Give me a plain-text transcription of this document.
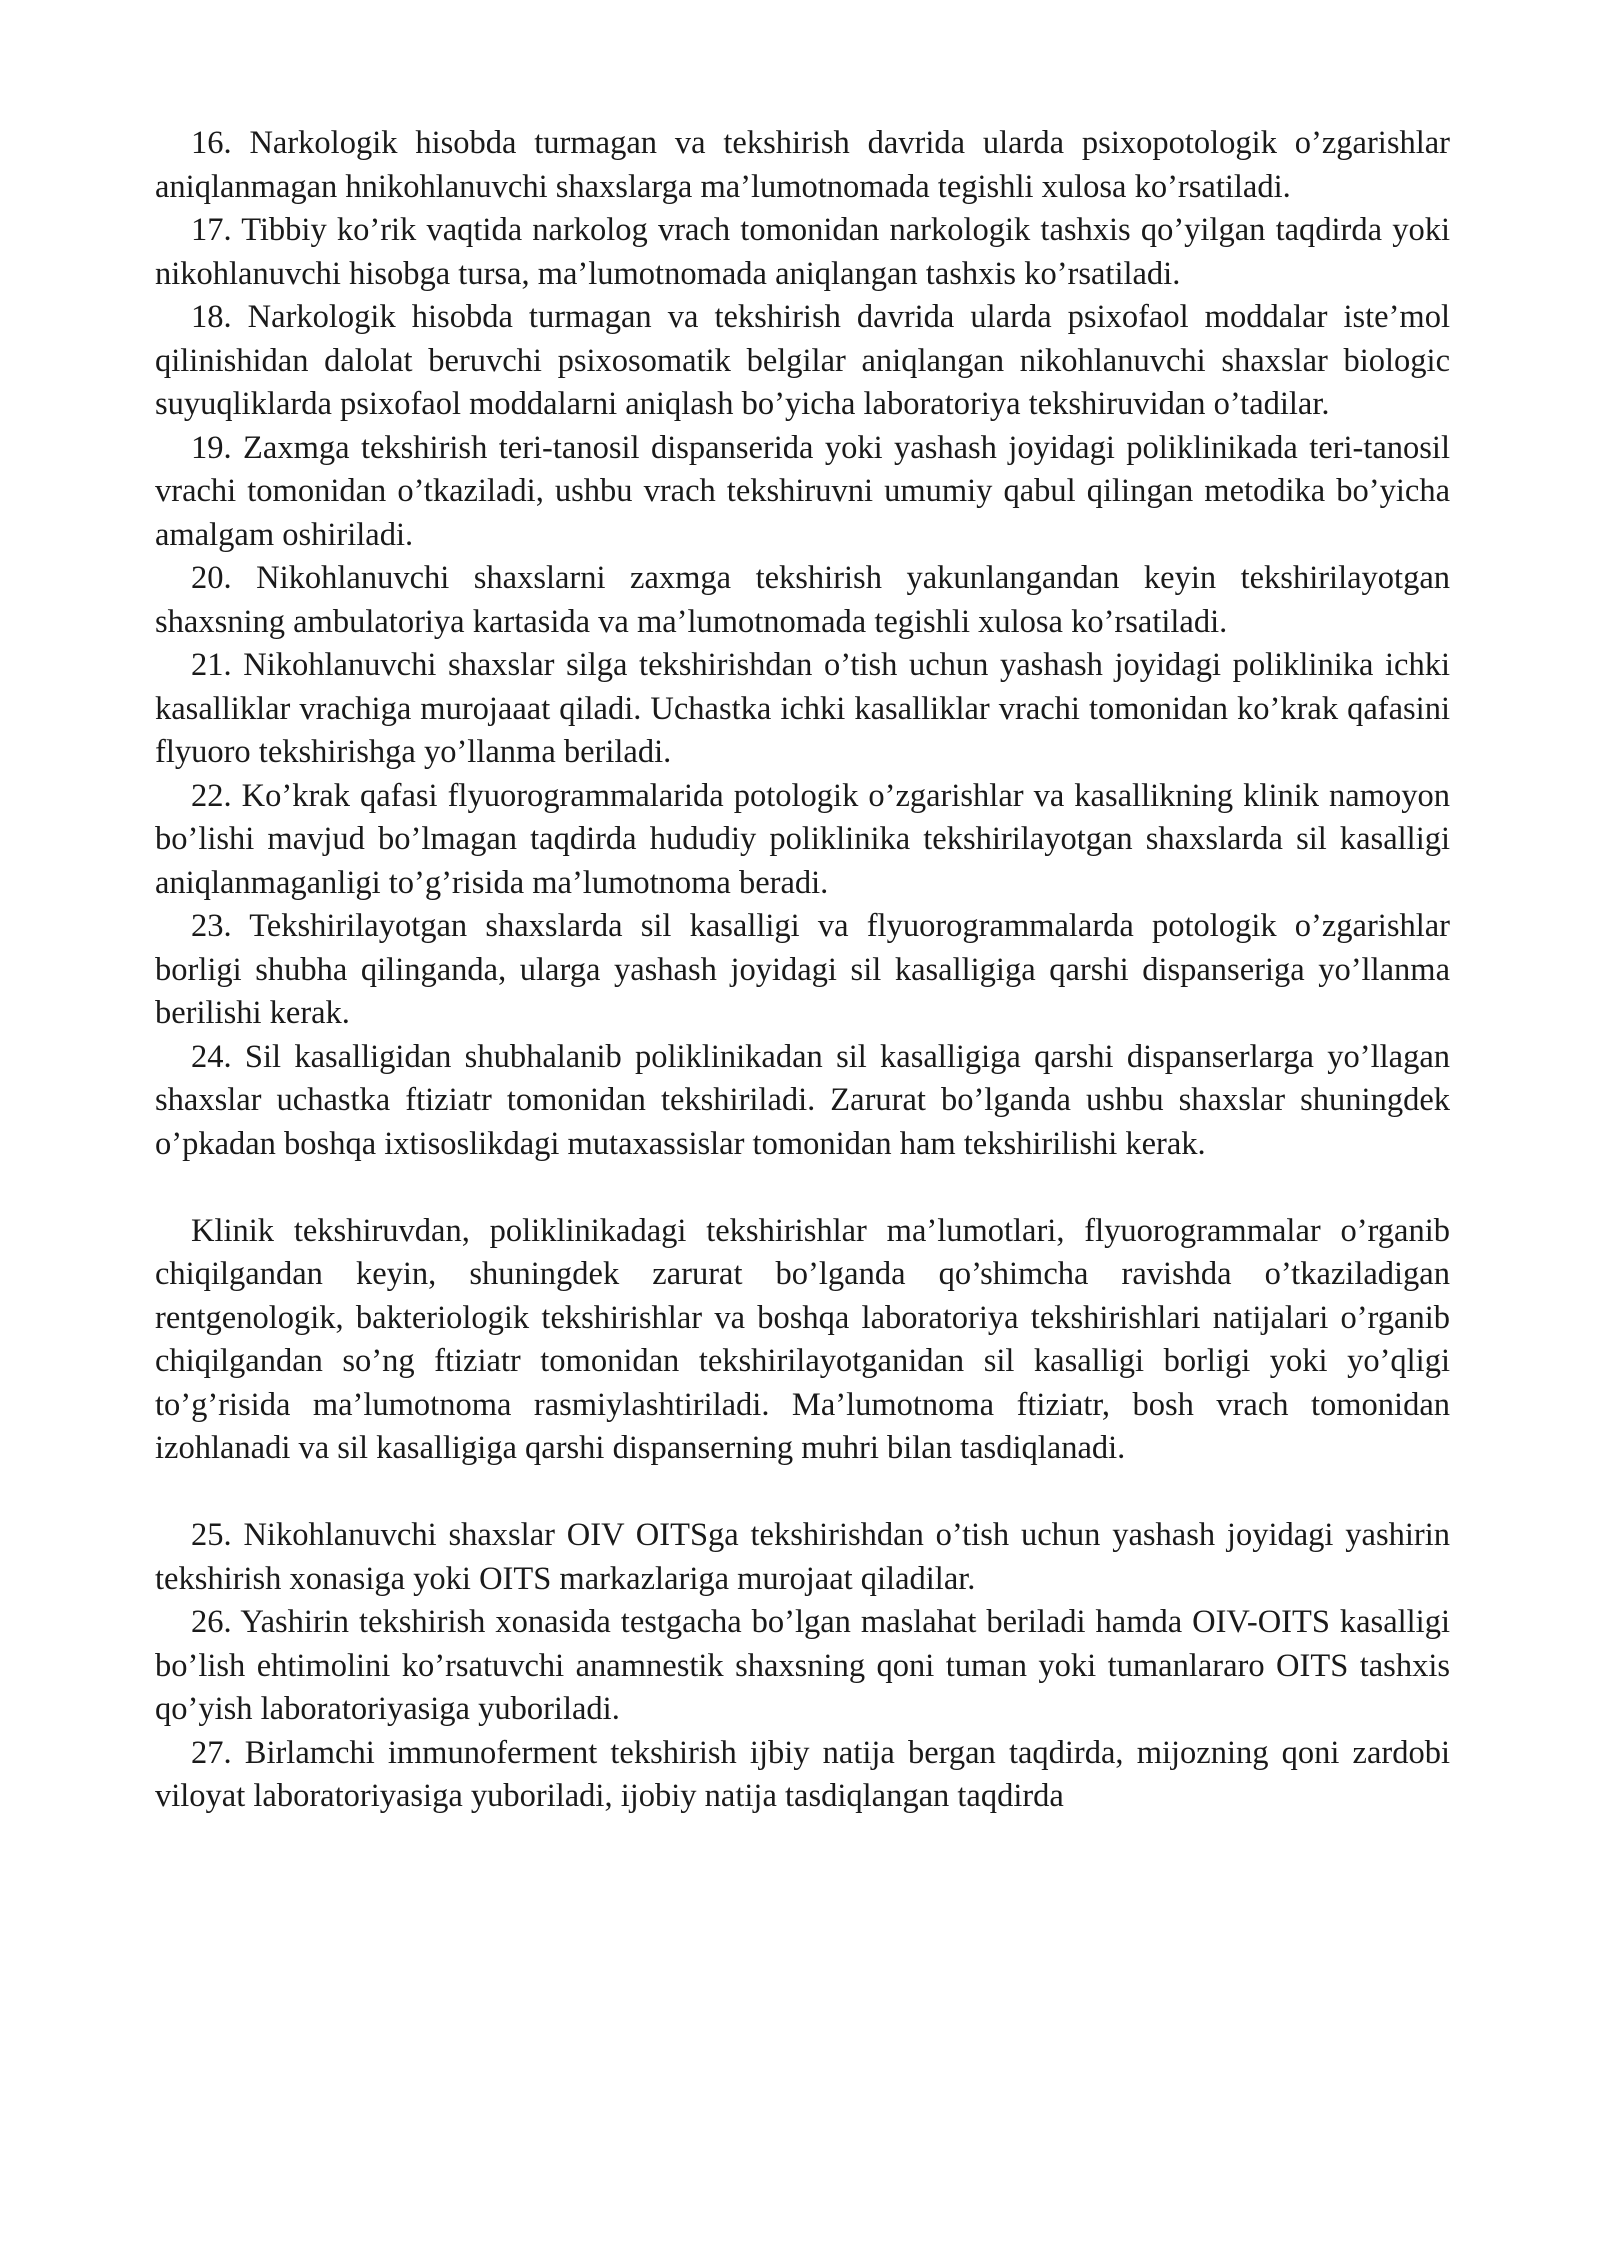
16. Narkologik hisobda turmagan va tekshirish davrida ularda psixopotologik o’zgarishlar aniqlanmagan hnikohlanuvchi shaxslarga ma’lumotnomada tegishli xulosa ko’rsatiladi.

17. Tibbiy ko’rik vaqtida narkolog vrach tomonidan narkologik tashxis qo’yilgan taqdirda yoki nikohlanuvchi hisobga tursa, ma’lumotnomada aniqlangan tashxis ko’rsatiladi.

18. Narkologik hisobda turmagan va tekshirish davrida ularda psixofaol moddalar iste’mol qilinishidan dalolat beruvchi psixosomatik belgilar aniqlangan nikohlanuvchi shaxslar biologic suyuqliklarda psixofaol moddalarni aniqlash bo’yicha laboratoriya tekshiruvidan o’tadilar.

19. Zaxmga tekshirish teri-tanosil dispanserida yoki yashash joyidagi poliklinikada teri-tanosil vrachi tomonidan o’tkaziladi, ushbu vrach tekshiruvni umumiy qabul qilingan metodika bo’yicha amalgam oshiriladi.

20. Nikohlanuvchi shaxslarni zaxmga tekshirish yakunlangandan keyin tekshirilayotgan shaxsning ambulatoriya kartasida va ma’lumotnomada tegishli xulosa ko’rsatiladi.

21. Nikohlanuvchi shaxslar silga tekshirishdan o’tish uchun yashash joyidagi poliklinika ichki kasalliklar vrachiga murojaaat qiladi. Uchastka ichki kasalliklar vrachi tomonidan ko’krak qafasini flyuoro tekshirishga yo’llanma beriladi.

22. Ko’krak qafasi flyuorogrammalarida potologik o’zgarishlar va kasallikning klinik namoyon bo’lishi mavjud bo’lmagan taqdirda hududiy poliklinika tekshirilayotgan shaxslarda sil kasalligi aniqlanmaganligi to’g’risida ma’lumotnoma beradi.

23. Tekshirilayotgan shaxslarda sil kasalligi va flyuorogrammalarda potologik o’zgarishlar borligi shubha qilinganda, ularga yashash joyidagi sil kasalligiga qarshi dispanseriga yo’llanma berilishi kerak.

24. Sil kasalligidan shubhalanib poliklinikadan sil kasalligiga qarshi dispanserlarga yo’llagan shaxslar uchastka ftiziatr tomonidan tekshiriladi. Zarurat bo’lganda ushbu shaxslar shuningdek o’pkadan boshqa ixtisoslikdagi mutaxassislar tomonidan ham tekshirilishi kerak.

Klinik tekshiruvdan, poliklinikadagi tekshirishlar ma’lumotlari, flyuorogrammalar o’rganib chiqilgandan keyin, shuningdek zarurat bo’lganda qo’shimcha ravishda o’tkaziladigan rentgenologik, bakteriologik tekshirishlar va boshqa laboratoriya tekshirishlari natijalari o’rganib chiqilgandan so’ng ftiziatr tomonidan tekshirilayotganidan sil kasalligi borligi yoki yo’qligi to’g’risida ma’lumotnoma rasmiylashtiriladi. Ma’lumotnoma ftiziatr, bosh vrach tomonidan izohlanadi va sil kasalligiga qarshi dispanserning muhri bilan tasdiqlanadi.

25. Nikohlanuvchi shaxslar OIV OITSga tekshirishdan o’tish uchun yashash joyidagi yashirin tekshirish xonasiga yoki OITS markazlariga murojaat qiladilar.

26. Yashirin tekshirish xonasida testgacha bo’lgan maslahat beriladi hamda OIV-OITS kasalligi bo’lish ehtimolini ko’rsatuvchi anamnestik shaxsning qoni tuman yoki tumanlararo OITS tashxis qo’yish laboratoriyasiga yuboriladi.

27. Birlamchi immunoferment tekshirish ijbiy natija bergan taqdirda, mijozning qoni zardobi viloyat laboratoriyasiga yuboriladi, ijobiy natija tasdiqlangan taqdirda
